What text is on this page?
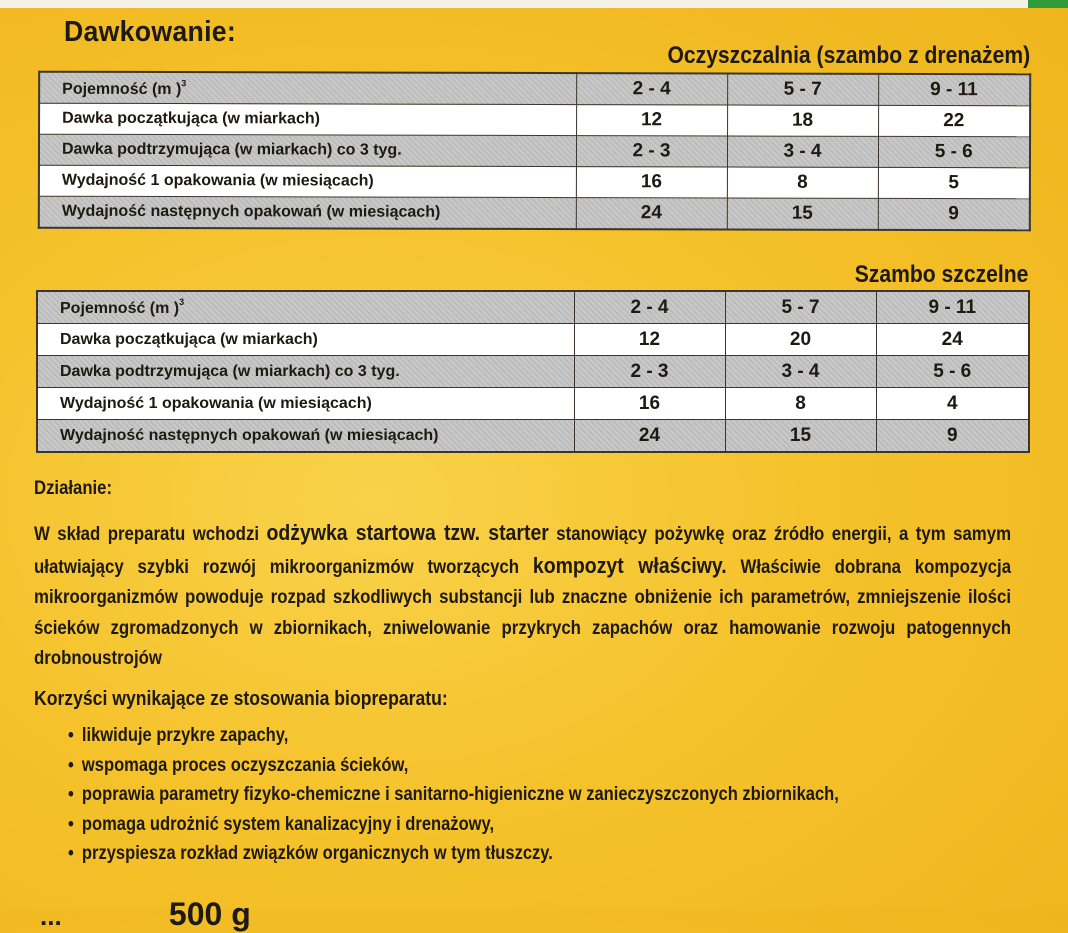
Dawkowanie:
Oczyszczalnia (szambo z drenażem)
Pojemność (m )$^3$	2 - 4	5 - 7	9 - 11
Dawka początkująca (w miarkach)	12	18	22
Dawka podtrzymująca (w miarkach) co 3 tyg.	2 - 3	3 - 4	5 - 6
Wydajność 1 opakowania (w miesiącach)	16	8	5
Wydajność następnych opakowań (w miesiącach)	24	15	9
Szambo szczelne
Pojemność (m )$^3$	2 - 4	5 - 7	9 - 11
Dawka początkująca (w miarkach)	12	20	24
Dawka podtrzymująca (w miarkach) co 3 tyg.	2 - 3	3 - 4	5 - 6
Wydajność 1 opakowania (w miesiącach)	16	8	4
Wydajność następnych opakowań (w miesiącach)	24	15	9
Działanie:
W skład preparatu wchodzi odżywka startowa tzw. starter stanowiący pożywkę oraz źródło energii, a tym samym ułatwiający szybki rozwój mikroorganizmów tworzących kompozyt właściwy. Właściwie dobrana kompozycja mikroorganizmów powoduje rozpad szkodliwych substancji lub znaczne obniżenie ich parametrów, zmniejszenie ilości ścieków zgromadzonych w zbiornikach, zniwelowanie przykrych zapachów oraz hamowanie rozwoju patogennych drobnoustrojów
Korzyści wynikające ze stosowania biopreparatu:
• likwiduje przykre zapachy,
• wspomaga proces oczyszczania ścieków,
• poprawia parametry fizyko-chemiczne i sanitarno-higieniczne w zanieczyszczonych zbiornikach,
• pomaga udrożnić system kanalizacyjny i drenażowy,
• przyspiesza rozkład związków organicznych w tym tłuszczy.
...	500 g
